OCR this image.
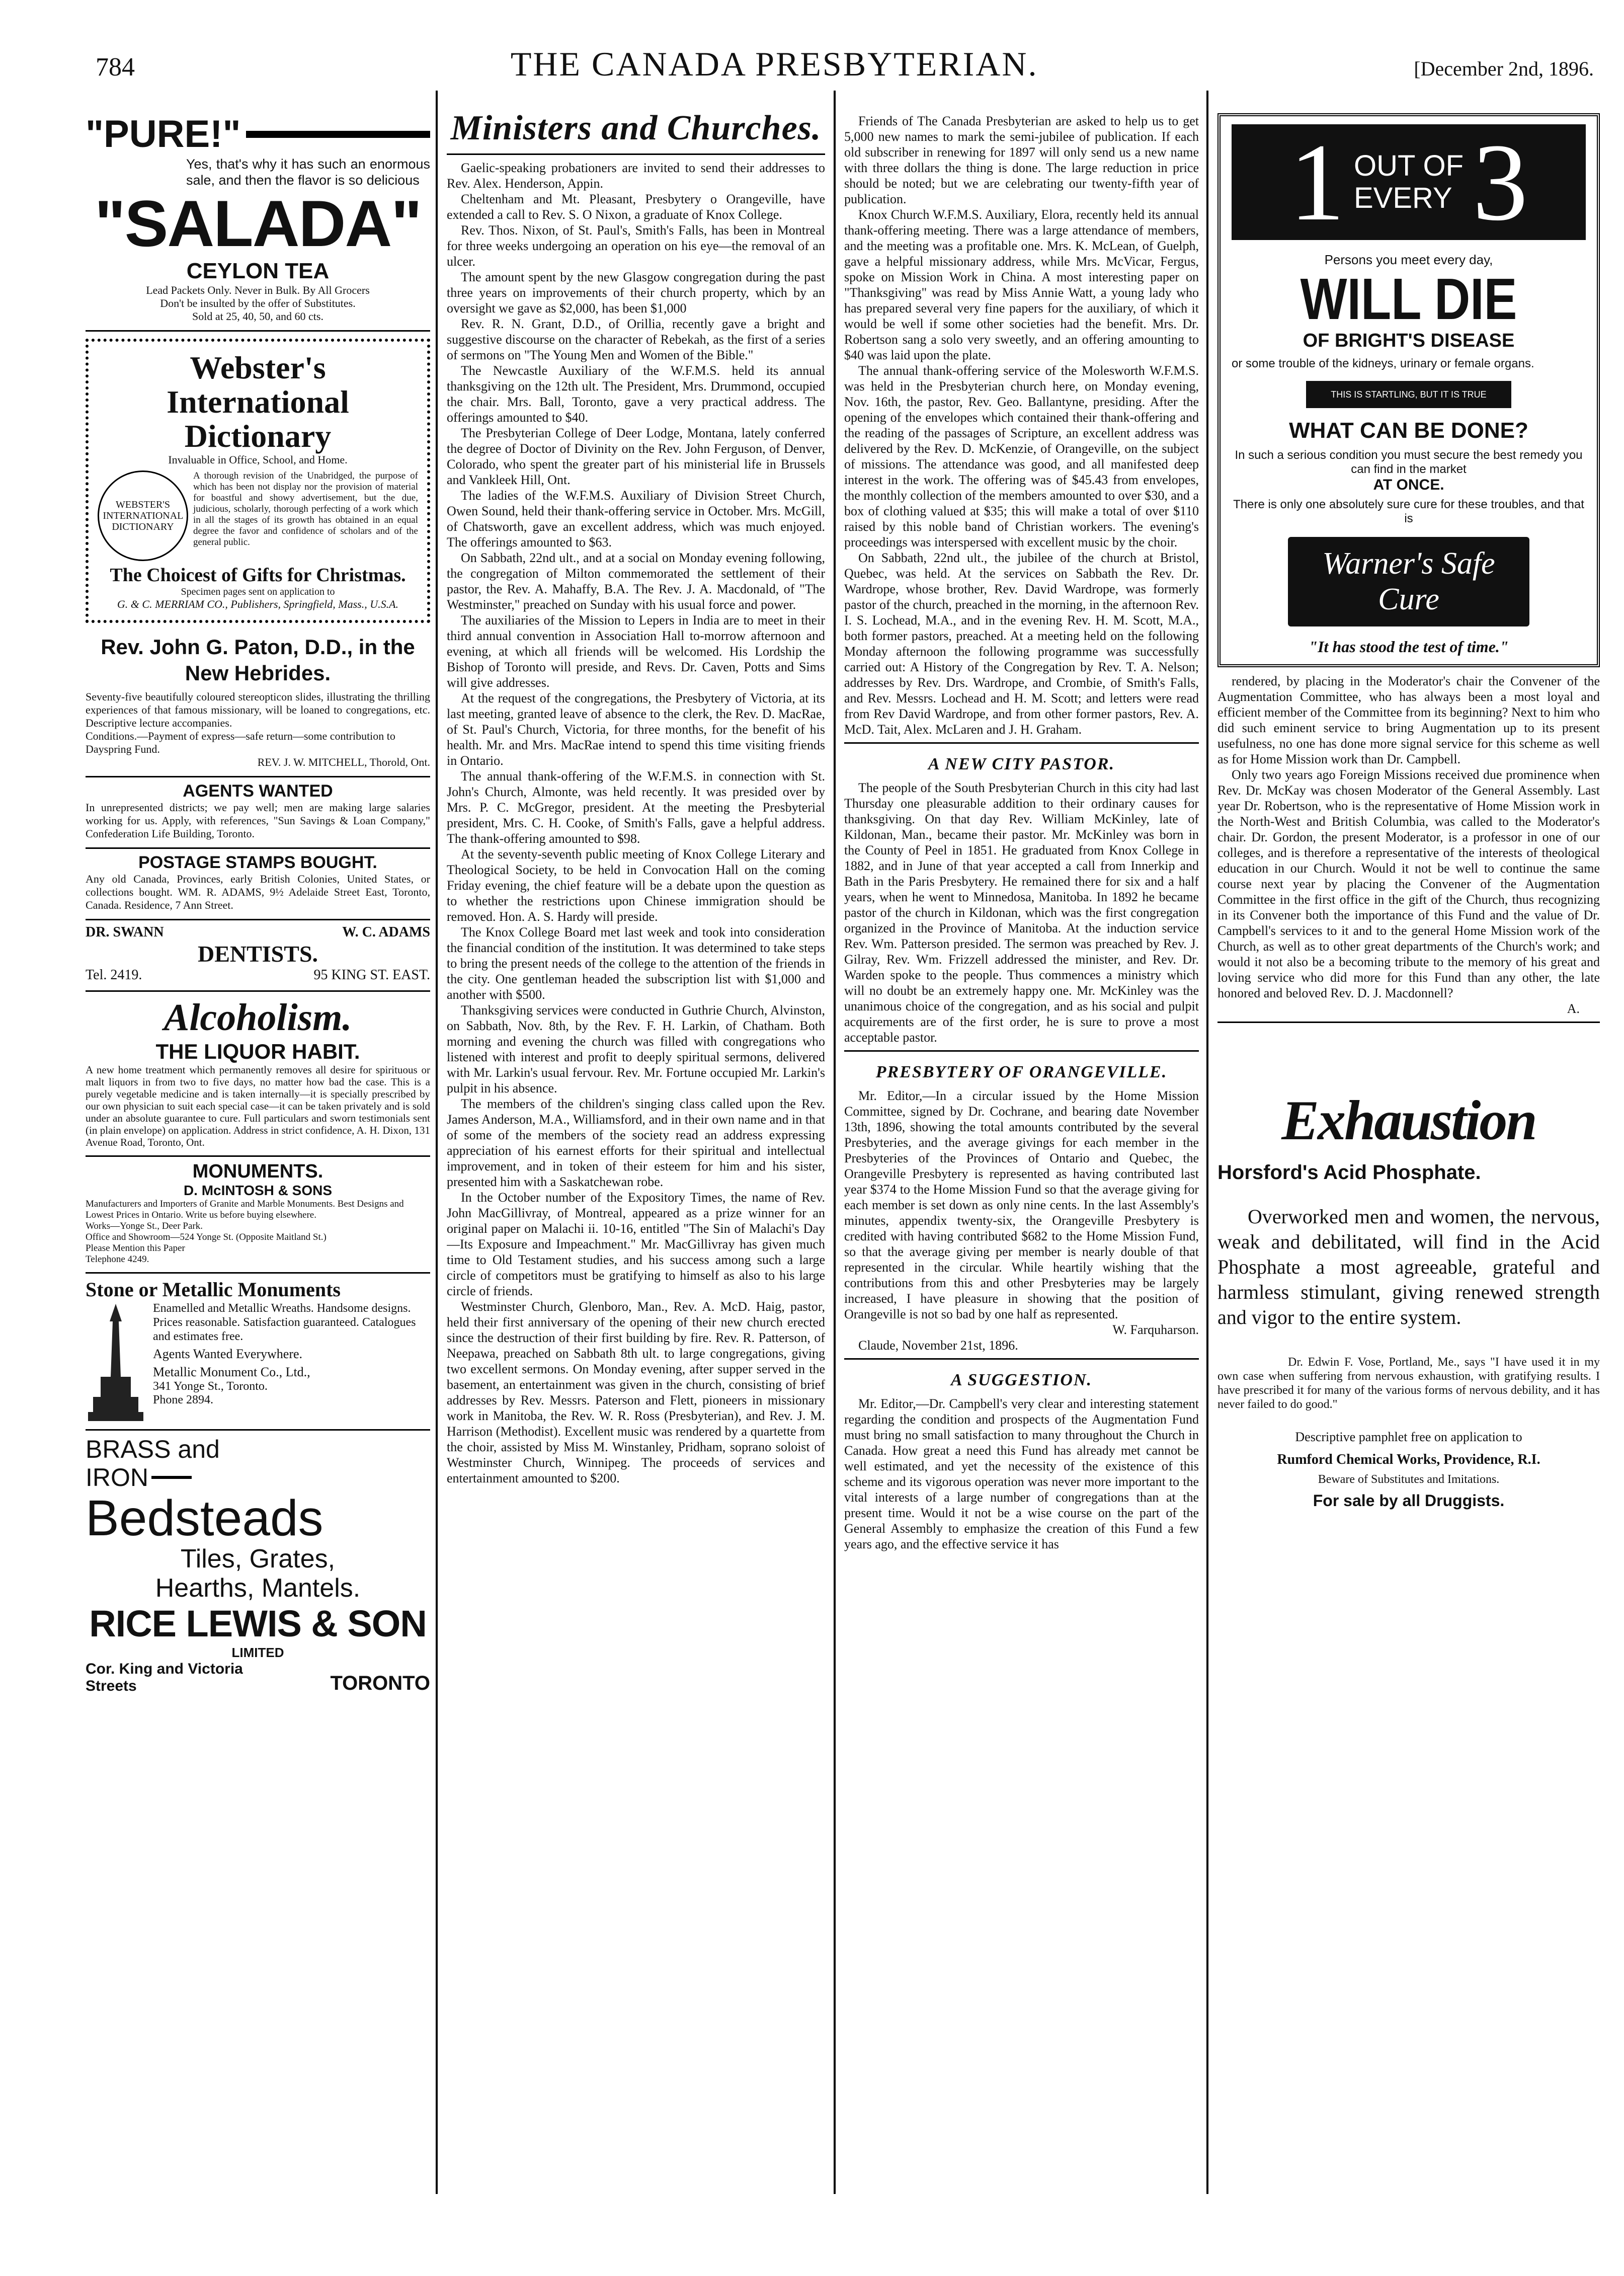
784	THE CANADA PRESBYTERIAN.	[December 2nd, 1896.
"PURE!"
Yes, that's why it has such an enormous sale, and then the flavor is so delicious
"SALADA"
CEYLON TEA
Lead Packets Only. Never in Bulk. By All Grocers
Don't be insulted by the offer of Substitutes.
Sold at 25, 40, 50, and 60 cts.
Webster's
International
Dictionary
Invaluable in Office, School, and Home.
WEBSTER'S INTERNATIONAL DICTIONARY
A thorough revision of the Unabridged, the purpose of which has been not display nor the provision of material for boastful and showy advertisement, but the due, judicious, scholarly, thorough perfecting of a work which in all the stages of its growth has obtained in an equal degree the favor and confidence of scholars and of the general public.
The Choicest of Gifts for Christmas.
Specimen pages sent on application to
G. & C. MERRIAM CO., Publishers, Springfield, Mass., U.S.A.
Rev. John G. Paton, D.D., in the New Hebrides.
Seventy-five beautifully coloured stereopticon slides, illustrating the thrilling experiences of that famous missionary, will be loaned to congregations, etc. Descriptive lecture accompanies.
Conditions.—Payment of express—safe return—some contribution to Dayspring Fund.
REV. J. W. MITCHELL, Thorold, Ont.
AGENTS WANTED
In unrepresented districts; we pay well; men are making large salaries working for us. Apply, with references, "Sun Savings & Loan Company," Confederation Life Building, Toronto.
POSTAGE STAMPS BOUGHT.
Any old Canada, Provinces, early British Colonies, United States, or collections bought. WM. R. ADAMS, 9½ Adelaide Street East, Toronto, Canada. Residence, 7 Ann Street.
DR. SWANN	W. C. ADAMS
DENTISTS.
Tel. 2419.	95 KING ST. EAST.
Alcoholism.
THE LIQUOR HABIT.
A new home treatment which permanently removes all desire for spirituous or malt liquors in from two to five days, no matter how bad the case. This is a purely vegetable medicine and is taken internally—it is specially prescribed by our own physician to suit each special case—it can be taken privately and is sold under an absolute guarantee to cure. Full particulars and sworn testimonials sent (in plain envelope) on application. Address in strict confidence, A. H. Dixon, 131 Avenue Road, Toronto, Ont.
MONUMENTS.
D. McINTOSH & SONS
Manufacturers and Importers of Granite and Marble Monuments. Best Designs and Lowest Prices in Ontario. Write us before buying elsewhere.
Works—Yonge St., Deer Park.
Office and Showroom—524 Yonge St. (Opposite Maitland St.)
Please Mention this Paper
Telephone 4249.
Stone or Metallic Monuments
Enamelled and Metallic Wreaths. Handsome designs. Prices reasonable. Satisfaction guaranteed. Catalogues and estimates free.
Agents Wanted Everywhere.
Metallic Monument Co., Ltd.,
341 Yonge St., Toronto.
Phone 2894.
BRASS and
IRON
Bedsteads
Tiles, Grates,
Hearths, Mantels.
RICE LEWIS & SON
LIMITED
Cor. King and Victoria Streets	TORONTO
Ministers and Churches.

Gaelic-speaking probationers are invited to send their addresses to Rev. Alex. Henderson, Appin.

Cheltenham and Mt. Pleasant, Presbytery o Orangeville, have extended a call to Rev. S. O Nixon, a graduate of Knox College.

Rev. Thos. Nixon, of St. Paul's, Smith's Falls, has been in Montreal for three weeks undergoing an operation on his eye—the removal of an ulcer.

The amount spent by the new Glasgow congregation during the past three years on improvements of their church property, which by an oversight we gave as $2,000, has been $1,000

Rev. R. N. Grant, D.D., of Orillia, recently gave a bright and suggestive discourse on the character of Rebekah, as the first of a series of sermons on "The Young Men and Women of the Bible."

The Newcastle Auxiliary of the W.F.M.S. held its annual thanksgiving on the 12th ult. The President, Mrs. Drummond, occupied the chair. Mrs. Ball, Toronto, gave a very practical address. The offerings amounted to $40.

The Presbyterian College of Deer Lodge, Montana, lately conferred the degree of Doctor of Divinity on the Rev. John Ferguson, of Denver, Colorado, who spent the greater part of his ministerial life in Brussels and Vankleek Hill, Ont.

The ladies of the W.F.M.S. Auxiliary of Division Street Church, Owen Sound, held their thank-offering service in October. Mrs. McGill, of Chatsworth, gave an excellent address, which was much enjoyed. The offerings amounted to $63.

On Sabbath, 22nd ult., and at a social on Monday evening following, the congregation of Milton commemorated the settlement of their pastor, the Rev. A. Mahaffy, B.A. The Rev. J. A. Macdonald, of "The Westminster," preached on Sunday with his usual force and power.

The auxiliaries of the Mission to Lepers in India are to meet in their third annual convention in Association Hall to-morrow afternoon and evening, at which all friends will be welcomed. His Lordship the Bishop of Toronto will preside, and Revs. Dr. Caven, Potts and Sims will give addresses.

At the request of the congregations, the Presbytery of Victoria, at its last meeting, granted leave of absence to the clerk, the Rev. D. MacRae, of St. Paul's Church, Victoria, for three months, for the benefit of his health. Mr. and Mrs. MacRae intend to spend this time visiting friends in Ontario.

The annual thank-offering of the W.F.M.S. in connection with St. John's Church, Almonte, was held recently. It was presided over by Mrs. P. C. McGregor, president. At the meeting the Presbyterial president, Mrs. C. H. Cooke, of Smith's Falls, gave a helpful address. The thank-offering amounted to $98.

At the seventy-seventh public meeting of Knox College Literary and Theological Society, to be held in Convocation Hall on the coming Friday evening, the chief feature will be a debate upon the question as to whether the restrictions upon Chinese immigration should be removed. Hon. A. S. Hardy will preside.

The Knox College Board met last week and took into consideration the financial condition of the institution. It was determined to take steps to bring the present needs of the college to the attention of the friends in the city. One gentleman headed the subscription list with $1,000 and another with $500.

Thanksgiving services were conducted in Guthrie Church, Alvinston, on Sabbath, Nov. 8th, by the Rev. F. H. Larkin, of Chatham. Both morning and evening the church was filled with congregations who listened with interest and profit to deeply spiritual sermons, delivered with Mr. Larkin's usual fervour. Rev. Mr. Fortune occupied Mr. Larkin's pulpit in his absence.

The members of the children's singing class called upon the Rev. James Anderson, M.A., Williamsford, and in their own name and in that of some of the members of the society read an address expressing appreciation of his earnest efforts for their spiritual and intellectual improvement, and in token of their esteem for him and his sister, presented him with a Saskatchewan robe.

In the October number of the Expository Times, the name of Rev. John MacGillivray, of Montreal, appeared as a prize winner for an original paper on Malachi ii. 10-16, entitled "The Sin of Malachi's Day—Its Exposure and Impeachment." Mr. MacGillivray has given much time to Old Testament studies, and his success among such a large circle of competitors must be gratifying to himself as also to his large circle of friends.

Westminster Church, Glenboro, Man., Rev. A. McD. Haig, pastor, held their first anniversary of the opening of their new church erected since the destruction of their first building by fire. Rev. R. Patterson, of Neepawa, preached on Sabbath 8th ult. to large congregations, giving two excellent sermons. On Monday evening, after supper served in the basement, an entertainment was given in the church, consisting of brief addresses by Rev. Messrs. Paterson and Flett, pioneers in missionary work in Manitoba, the Rev. W. R. Ross (Presbyterian), and Rev. J. M. Harrison (Methodist). Excellent music was rendered by a quartette from the choir, assisted by Miss M. Winstanley, Pridham, soprano soloist of Westminster Church, Winnipeg. The proceeds of services and entertainment amounted to $200.

Friends of The Canada Presbyterian are asked to help us to get 5,000 new names to mark the semi-jubilee of publication. If each old subscriber in renewing for 1897 will only send us a new name with three dollars the thing is done. The large reduction in price should be noted; but we are celebrating our twenty-fifth year of publication.

Knox Church W.F.M.S. Auxiliary, Elora, recently held its annual thank-offering meeting. There was a large attendance of members, and the meeting was a profitable one. Mrs. K. McLean, of Guelph, gave a helpful missionary address, while Mrs. McVicar, Fergus, spoke on Mission Work in China. A most interesting paper on "Thanksgiving" was read by Miss Annie Watt, a young lady who has prepared several very fine papers for the auxiliary, of which it would be well if some other societies had the benefit. Mrs. Dr. Robertson sang a solo very sweetly, and an offering amounting to $40 was laid upon the plate.

The annual thank-offering service of the Molesworth W.F.M.S. was held in the Presbyterian church here, on Monday evening, Nov. 16th, the pastor, Rev. Geo. Ballantyne, presiding. After the opening of the envelopes which contained their thank-offering and the reading of the passages of Scripture, an excellent address was delivered by the Rev. D. McKenzie, of Orangeville, on the subject of missions. The attendance was good, and all manifested deep interest in the work. The offering was of $45.43 from envelopes, the monthly collection of the members amounted to over $30, and a box of clothing valued at $35; this will make a total of over $110 raised by this noble band of Christian workers. The evening's proceedings was interspersed with excellent music by the choir.

On Sabbath, 22nd ult., the jubilee of the church at Bristol, Quebec, was held. At the services on Sabbath the Rev. Dr. Wardrope, whose brother, Rev. David Wardrope, was formerly pastor of the church, preached in the morning, in the afternoon Rev. I. S. Lochead, M.A., and in the evening Rev. H. M. Scott, M.A., both former pastors, preached. At a meeting held on the following Monday afternoon the following programme was successfully carried out: A History of the Congregation by Rev. T. A. Nelson; addresses by Rev. Drs. Wardrope, and Crombie, of Smith's Falls, and Rev. Messrs. Lochead and H. M. Scott; and letters were read from Rev David Wardrope, and from other former pastors, Rev. A. McD. Tait, Alex. McLaren and J. H. Graham.

A NEW CITY PASTOR.

The people of the South Presbyterian Church in this city had last Thursday one pleasurable addition to their ordinary causes for thanksgiving. On that day Rev. William McKinley, late of Kildonan, Man., became their pastor. Mr. McKinley was born in the County of Peel in 1851. He graduated from Knox College in 1882, and in June of that year accepted a call from Innerkip and Bath in the Paris Presbytery. He remained there for six and a half years, when he went to Minnedosa, Manitoba. In 1892 he became pastor of the church in Kildonan, which was the first congregation organized in the Province of Manitoba. At the induction service Rev. Wm. Patterson presided. The sermon was preached by Rev. J. Gilray, Rev. Wm. Frizzell addressed the minister, and Rev. Dr. Warden spoke to the people. Thus commences a ministry which will no doubt be an extremely happy one. Mr. McKinley was the unanimous choice of the congregation, and as his social and pulpit acquirements are of the first order, he is sure to prove a most acceptable pastor.

PRESBYTERY OF ORANGEVILLE.

Mr. Editor,—In a circular issued by the Home Mission Committee, signed by Dr. Cochrane, and bearing date November 13th, 1896, showing the total amounts contributed by the several Presbyteries, and the average givings for each member in the Presbyteries of the Provinces of Ontario and Quebec, the Orangeville Presbytery is represented as having contributed last year $374 to the Home Mission Fund so that the average giving for each member is set down as only nine cents. In the last Assembly's minutes, appendix twenty-six, the Orangeville Presbytery is credited with having contributed $682 to the Home Mission Fund, so that the average giving per member is nearly double of that represented in the circular. While heartily wishing that the contributions from this and other Presbyteries may be largely increased, I have pleasure in showing that the position of Orangeville is not so bad by one half as represented.

W. Farquharson.
Claude, November 21st, 1896.
A SUGGESTION.

Mr. Editor,—Dr. Campbell's very clear and interesting statement regarding the condition and prospects of the Augmentation Fund must bring no small satisfaction to many throughout the Church in Canada. How great a need this Fund has already met cannot be well estimated, and yet the necessity of the existence of this scheme and its vigorous operation was never more important to the vital interests of a large number of congregations than at the present time. Would it not be a wise course on the part of the General Assembly to emphasize the creation of this Fund a few years ago, and the effective service it has

1 OUT OF
EVERY 3
Persons you meet every day,
WILL DIE
OF BRIGHT'S DISEASE
or some trouble of the kidneys, urinary or female organs.
THIS IS STARTLING, BUT IT IS TRUE
WHAT CAN BE DONE?
In such a serious condition you must secure the best remedy you can find in the market
AT ONCE.
There is only one absolutely sure cure for these troubles, and that is
Warner's Safe Cure
"It has stood the test of time."

rendered, by placing in the Moderator's chair the Convener of the Augmentation Committee, who has always been a most loyal and efficient member of the Committee from its beginning? Next to him who did such eminent service to bring Augmentation up to its present usefulness, no one has done more signal service for this scheme as well as for Home Mission work than Dr. Campbell.

Only two years ago Foreign Missions received due prominence when Rev. Dr. McKay was chosen Moderator of the General Assembly. Last year Dr. Robertson, who is the representative of Home Mission work in the North-West and British Columbia, was called to the Moderator's chair. Dr. Gordon, the present Moderator, is a professor in one of our colleges, and is therefore a representative of the interests of theological education in our Church. Would it not be well to continue the same course next year by placing the Convener of the Augmentation Committee in the first office in the gift of the Church, thus recognizing in its Convener both the importance of this Fund and the value of Dr. Campbell's services to it and to the general Home Mission work of the Church, as well as to other great departments of the Church's work; and would it not also be a becoming tribute to the memory of his great and loving service who did more for this Fund than any other, the late honored and beloved Rev. D. J. Macdonnell?

A.
Exhaustion
Horsford's Acid Phosphate.
Overworked men and women, the nervous, weak and debilitated, will find in the Acid Phosphate a most agreeable, grateful and harmless stimulant, giving renewed strength and vigor to the entire system.
Dr. Edwin F. Vose, Portland, Me., says "I have used it in my own case when suffering from nervous exhaustion, with gratifying results. I have prescribed it for many of the various forms of nervous debility, and it has never failed to do good."
Descriptive pamphlet free on application to
Rumford Chemical Works, Providence, R.I.
Beware of Substitutes and Imitations.
For sale by all Druggists.
